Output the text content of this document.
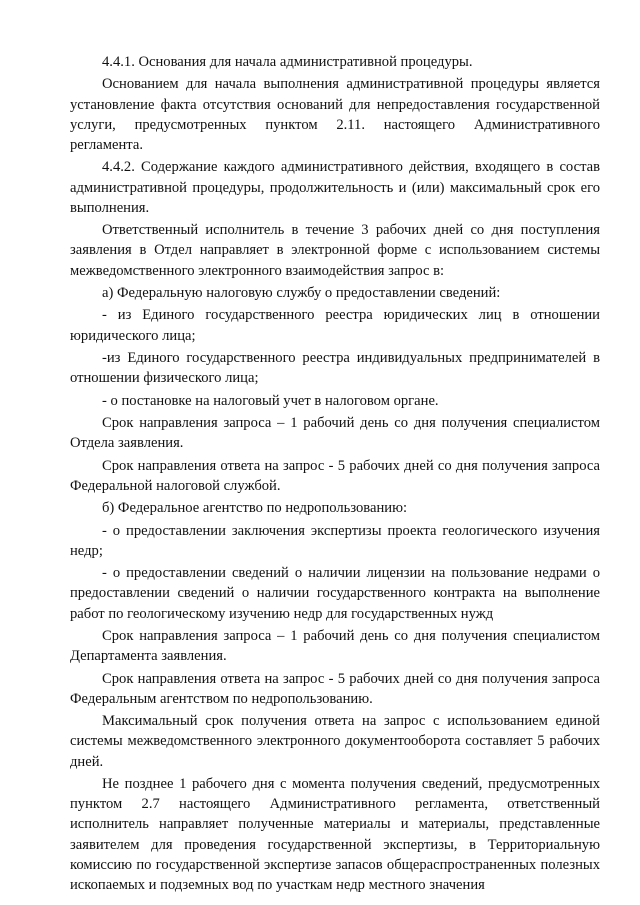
4.4.1. Основания для начала административной процедуры.

Основанием для начала выполнения административной процедуры является установление факта отсутствия оснований для непредоставления государственной услуги, предусмотренных пунктом 2.11. настоящего Административного регламента.

4.4.2. Содержание каждого административного действия, входящего в состав административной процедуры, продолжительность и (или) максимальный срок его выполнения.

Ответственный исполнитель в течение 3 рабочих дней со дня поступления заявления в Отдел направляет в электронной форме с использованием системы межведомственного электронного взаимодействия запрос в:

а) Федеральную налоговую службу о предоставлении сведений:

- из Единого государственного реестра юридических лиц в отношении юридического лица;

-из Единого государственного реестра индивидуальных предпринимателей в отношении физического лица;

- о постановке на налоговый учет в налоговом органе.

Срок направления запроса – 1 рабочий день со дня получения специалистом Отдела заявления.

Срок направления ответа на запрос - 5 рабочих дней со дня получения запроса Федеральной налоговой службой.

б) Федеральное агентство по недропользованию:

- о предоставлении заключения экспертизы проекта геологического изучения недр;

- о предоставлении сведений о наличии лицензии на пользование недрами о предоставлении сведений о наличии государственного контракта на выполнение работ по геологическому изучению недр для государственных нужд

Срок направления запроса – 1 рабочий день со дня получения специалистом Департамента заявления.

Срок направления ответа на запрос - 5 рабочих дней со дня получения запроса Федеральным агентством по недропользованию.

Максимальный срок получения ответа на запрос с использованием единой системы межведомственного электронного документооборота составляет 5 рабочих дней.

Не позднее 1 рабочего дня с момента получения сведений, предусмотренных пунктом 2.7 настоящего Административного регламента, ответственный исполнитель направляет полученные материалы и материалы, представленные заявителем для проведения государственной экспертизы, в Территориальную комиссию по государственной экспертизе запасов общераспространенных полезных ископаемых и подземных вод по участкам недр местного значения
